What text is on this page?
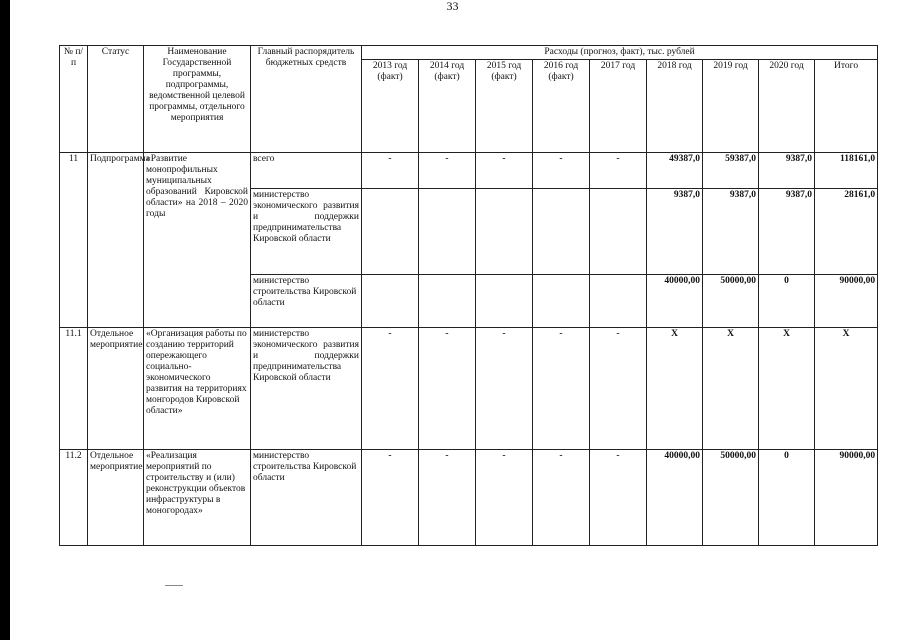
33
№ п/п	Статус	Наименование Государственной программы, подпрограммы, ведомственной целевой программы, отдельного мероприятия	Главный распорядитель бюджетных средств	Расходы (прогноз, факт), тыс. рублей								
				2013 год (факт)	2014 год (факт)	2015 год (факт)	2016 год (факт)	2017 год	2018 год	2019 год	2020 год	Итого
11	Подпрограмма	«Развитие монопрофильных муниципальных образований Кировской области» на 2018 – 2020 годы	всего	-	-	-	-	-	49387,0	59387,0	9387,0	118161,0
			министерство экономического развития и поддержки предпринимательства Кировской области						9387,0	9387,0	9387,0	28161,0
			министерство строительства Кировской области						40000,00	50000,00	0	90000,00
11.1	Отдельное мероприятие	«Организация работы по созданию территорий опережающего социально-экономического развития на территориях монгородов Кировской области»	министерство экономического развития и поддержки предпринимательства Кировской области	-	-	-	-	-	X	X	X	X
11.2	Отдельное мероприятие	«Реализация мероприятий по строительству и (или) реконструкции объектов инфраструктуры в моногородах»	министерство строительства Кировской области	-	-	-	-	-	40000,00	50000,00	0	90000,00
